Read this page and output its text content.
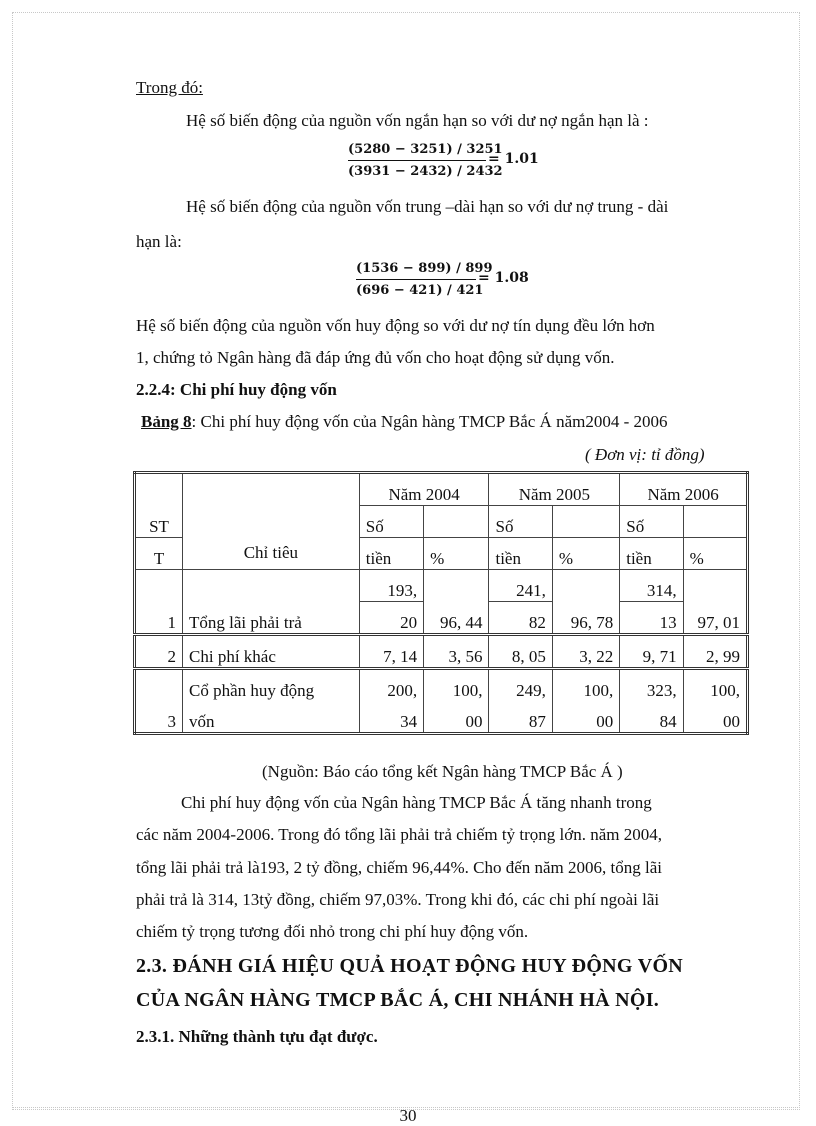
Trong đó:
Hệ số biến động của nguồn vốn ngắn hạn so với dư nợ ngắn hạn là :
(5280 − 3251) / 3251
(3931 − 2432) / 2432
= 1.01
Hệ số biến động của nguồn vốn trung –dài hạn so với dư nợ trung - dài
hạn là:
(1536 − 899) / 899
(696 − 421) / 421
= 1.08
Hệ số biến động của nguồn vốn huy động so với dư nợ tín dụng đều lớn hơn
1, chứng tỏ Ngân hàng đã đáp ứng đủ vốn cho hoạt động sử dụng vốn.
2.2.4: Chi phí huy động vốn
Bảng 8: Chi phí huy động vốn của Ngân hàng TMCP Bắc Á năm2004 - 2006
( Đơn vị: tỉ đồng)
ST	Chỉ tiêu	Năm 2004		Năm 2005		Năm 2006	
		Số		Số		Số	
T		tiền	%	tiền	%	tiền	%
1	Tổng lãi phải trả	193,	96, 44	241,	96, 78	314,	97, 01
		20		82		13	
2	Chi phí khác	7, 14	3, 56	8, 05	3, 22	9, 71	2, 99
3	Cổ phần huy động	200,	100,	249,	100,	323,	100,
	vốn	34	00	87	00	84	00
(Nguồn: Báo cáo tổng kết Ngân hàng TMCP Bắc Á )
Chi phí huy động vốn của Ngân hàng TMCP Bắc Á tăng nhanh trong
các năm 2004-2006. Trong đó tổng lãi phải trả chiếm tỷ trọng lớn. năm 2004,
tổng lãi phải trả là193, 2 tỷ đồng, chiếm 96,44%. Cho đến năm 2006, tổng lãi
phải trả là 314, 13tỷ đồng, chiếm 97,03%. Trong khi đó, các chi phí ngoài lãi
chiếm tỷ trọng tương đối nhỏ trong chi phí huy động vốn.
2.3. ĐÁNH GIÁ HIỆU QUẢ HOẠT ĐỘNG HUY ĐỘNG VỐN
CỦA NGÂN HÀNG TMCP BẮC Á, CHI NHÁNH HÀ NỘI.
2.3.1. Những thành tựu đạt được.
30
